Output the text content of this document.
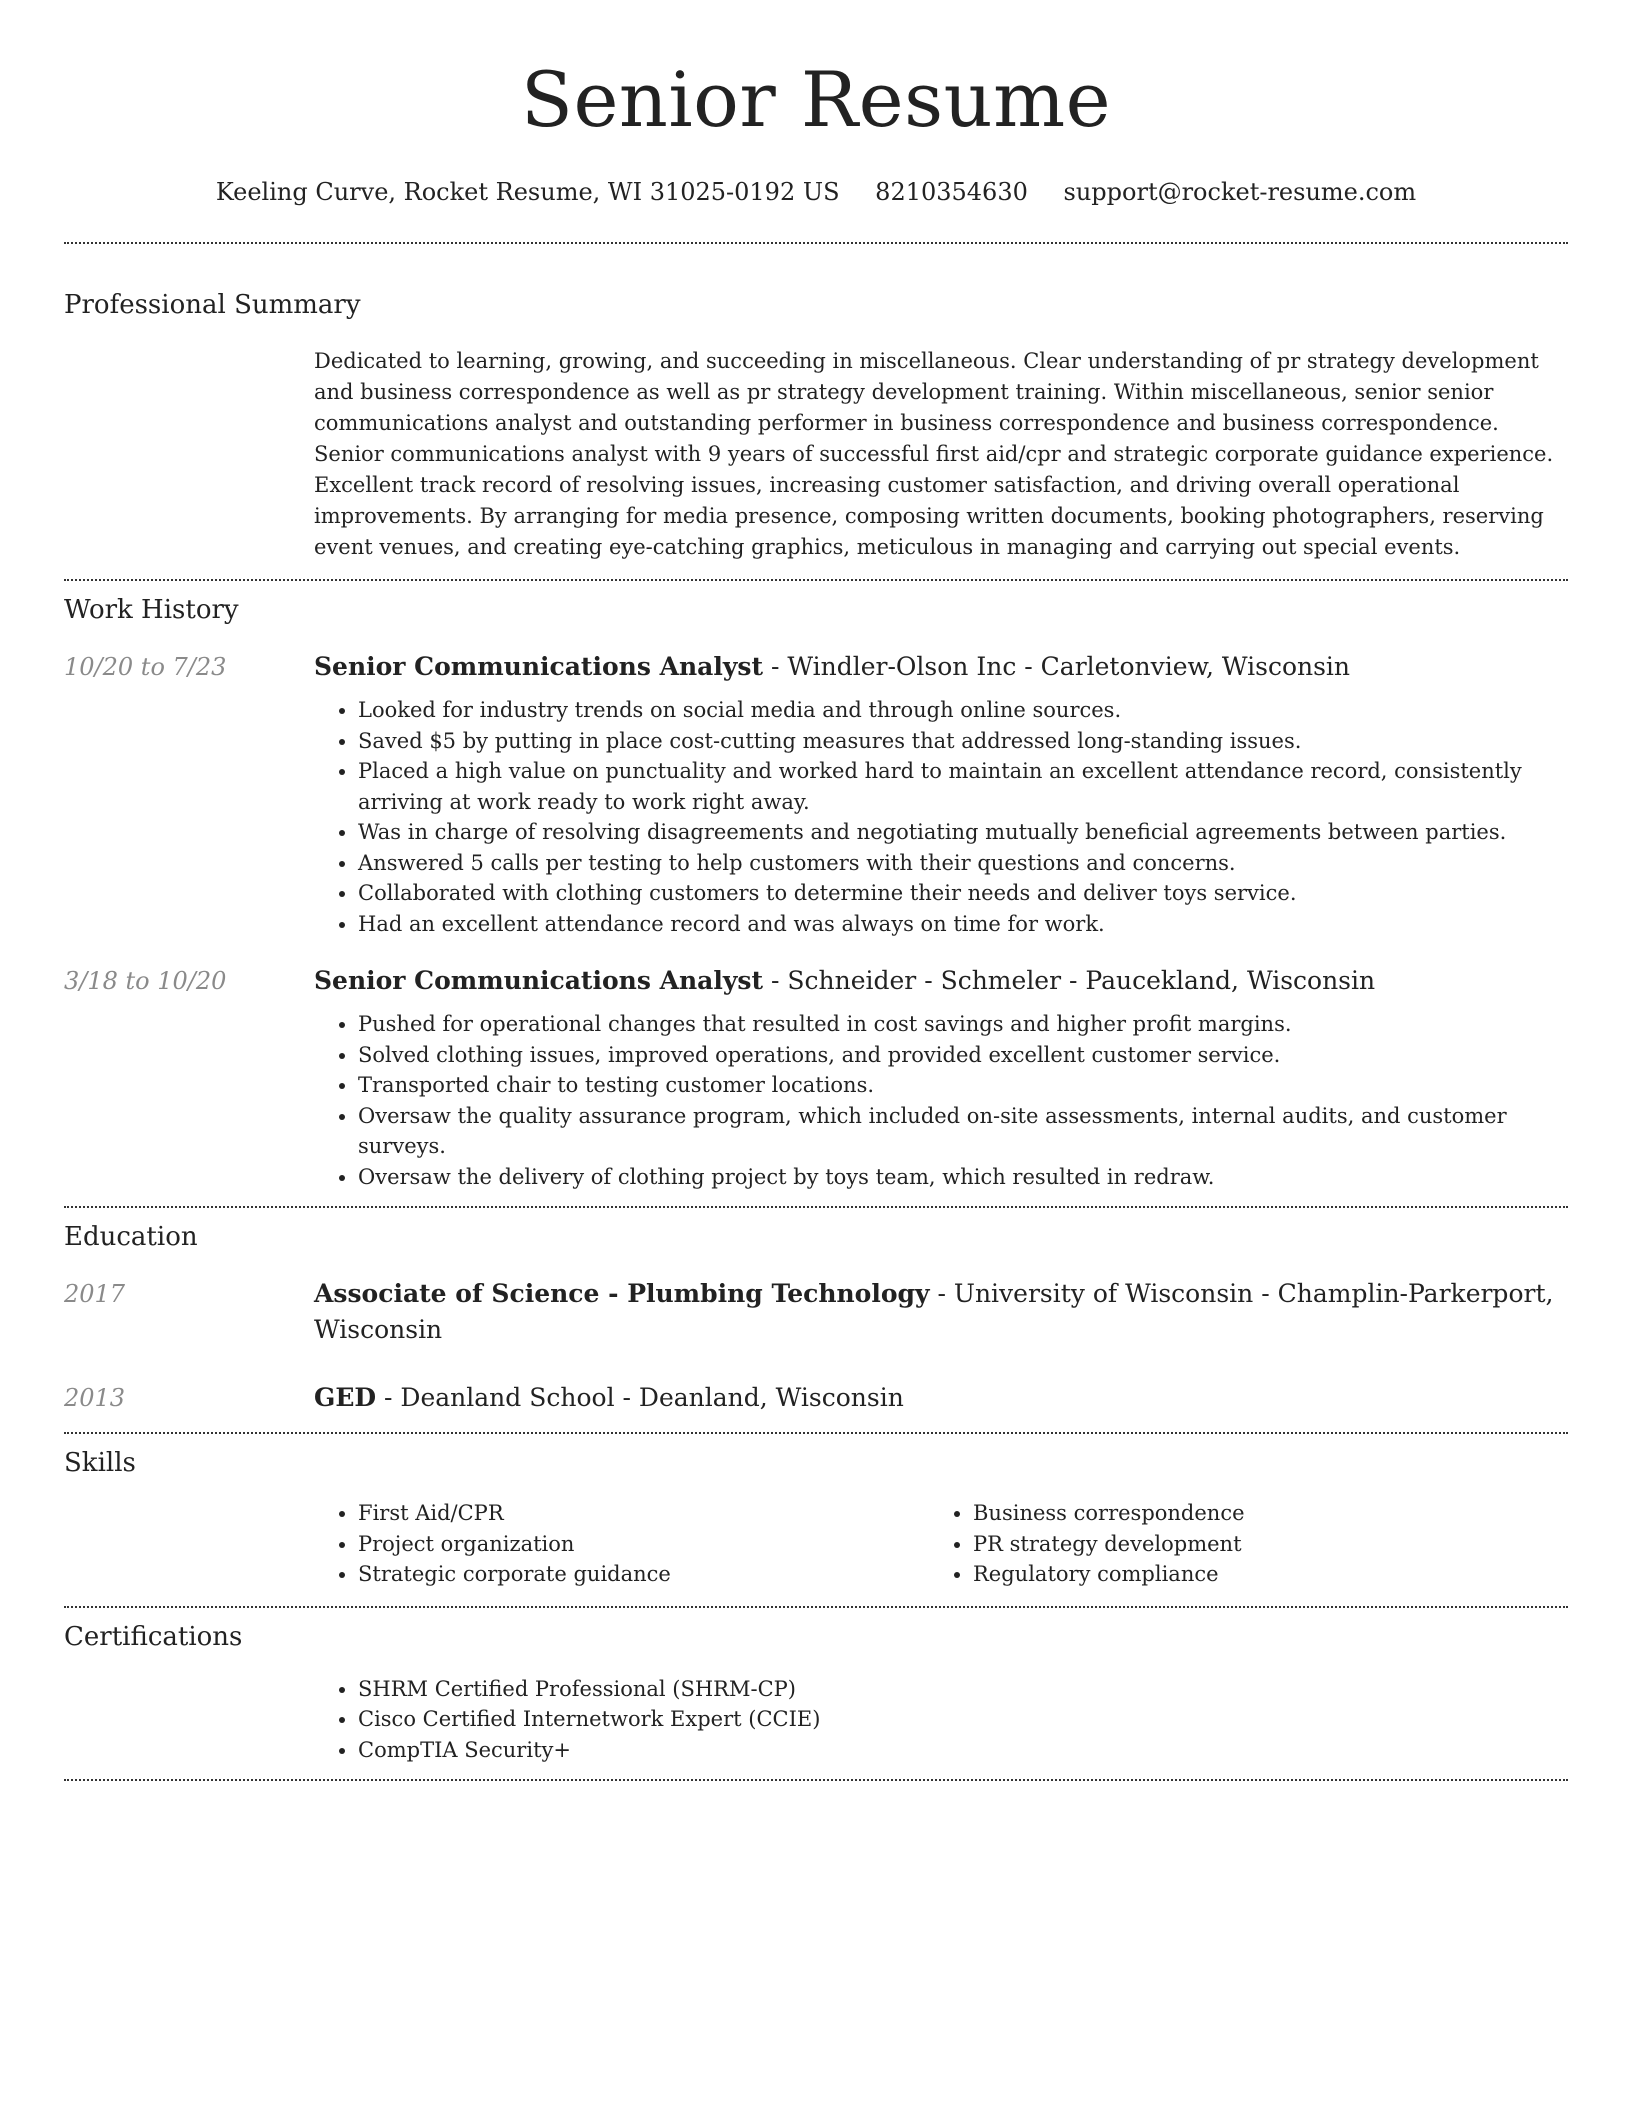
Senior Resume
Keeling Curve, Rocket Resume, WI 31025-0192 US 8210354630 support@rocket-resume.com
Professional Summary

Dedicated to learning, growing, and succeeding in miscellaneous. Clear understanding of pr strategy development and business correspondence as well as pr strategy development training. Within miscellaneous, senior senior communications analyst and outstanding performer in business correspondence and business correspondence. Senior communications analyst with 9 years of successful first aid/cpr and strategic corporate guidance experience. Excellent track record of resolving issues, increasing customer satisfaction, and driving overall operational improvements. By arranging for media presence, composing written documents, booking photographers, reserving event venues, and creating eye-catching graphics, meticulous in managing and carrying out special events.

Work History
10/20 to 7/23	Senior Communications Analyst - Windler-Olson Inc - Carletonview, Wisconsin

• Looked for industry trends on social media and through online sources.
• Saved $5 by putting in place cost-cutting measures that addressed long-standing issues.
• Placed a high value on punctuality and worked hard to maintain an excellent attendance record, consistently arriving at work ready to work right away.
• Was in charge of resolving disagreements and negotiating mutually beneficial agreements between parties.
• Answered 5 calls per testing to help customers with their questions and concerns.
• Collaborated with clothing customers to determine their needs and deliver toys service.
• Had an excellent attendance record and was always on time for work.
3/18 to 10/20	Senior Communications Analyst - Schneider - Schmeler - Paucekland, Wisconsin

• Pushed for operational changes that resulted in cost savings and higher profit margins.
• Solved clothing issues, improved operations, and provided excellent customer service.
• Transported chair to testing customer locations.
• Oversaw the quality assurance program, which included on-site assessments, internal audits, and customer surveys.
• Oversaw the delivery of clothing project by toys team, which resulted in redraw.
Education
2017	Associate of Science - Plumbing Technology - University of Wisconsin - Champlin-Parkerport, Wisconsin

2013	GED - Deanland School - Deanland, Wisconsin

Skills
• First Aid/CPR
• Project organization
• Strategic corporate guidance
• Business correspondence
• PR strategy development
• Regulatory compliance
Certifications
• SHRM Certified Professional (SHRM-CP)
• Cisco Certified Internetwork Expert (CCIE)
• CompTIA Security+
